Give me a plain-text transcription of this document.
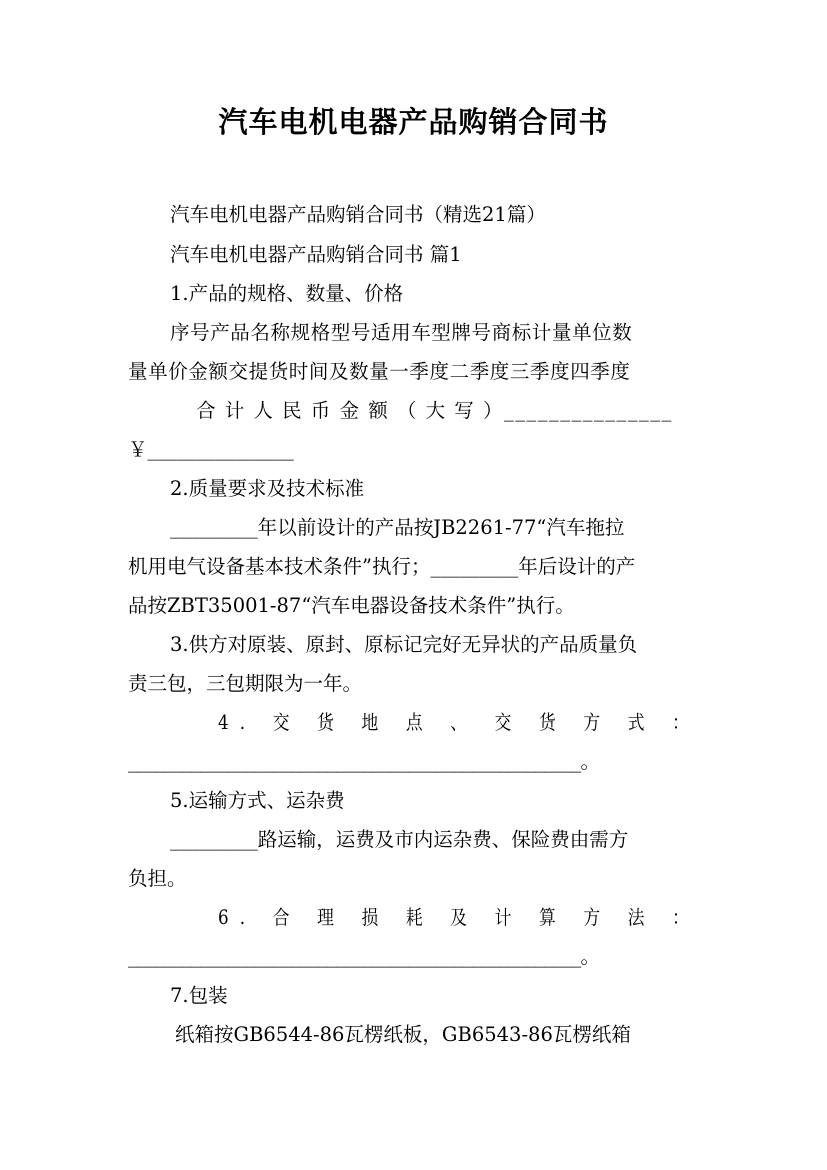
汽车电机电器产品购销合同书
汽车电机电器产品购销合同书（精选21篇）
汽车电机电器产品购销合同书 篇1
1.产品的规格、数量、价格
序号产品名称规格型号适用车型牌号商标计量单位数
量单价金额交提货时间及数量一季度二季度三季度四季度
合 计 人 民 币 金 额 （ 大 写 ）_______________
￥_______________
2.质量要求及技术标准
_________年以前设计的产品按JB2261-77“汽车拖拉
机用电气设备基本技术条件”执行；_________年后设计的产
品按ZBT35001-87“汽车电器设备技术条件”执行。
3.供方对原装、原封、原标记完好无异状的产品质量负
责三包，三包期限为一年。
4. 交 货 地 点 、 交 货 方 式 ：
__________________________________________________。
5.运输方式、运杂费
_________路运输，运费及市内运杂费、保险费由需方
负担。
6. 合 理 损 耗 及 计 算 方 法 ：
__________________________________________________。
7.包装
纸箱按GB6544-86瓦楞纸板，GB6543-86瓦楞纸箱
